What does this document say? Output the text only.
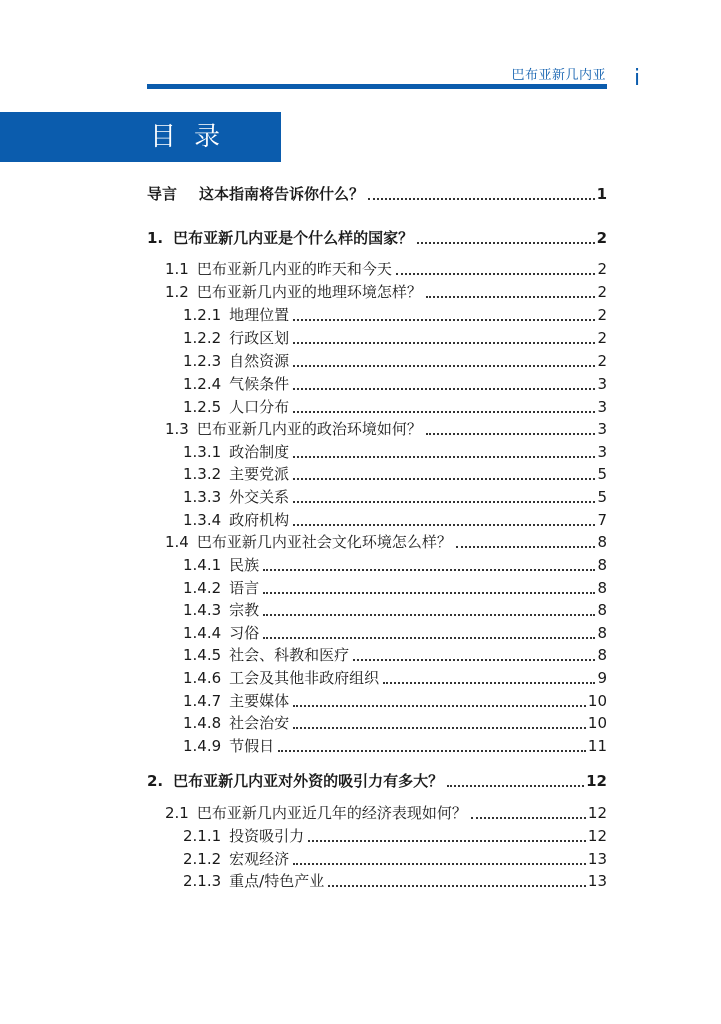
巴布亚新几内亚 i
目录
导言 这本指南将告诉你什么？	1
1. 巴布亚新几内亚是个什么样的国家？	2
1.1 巴布亚新几内亚的昨天和今天	2
1.2 巴布亚新几内亚的地理环境怎样？	2
1.2.1 地理位置	2
1.2.2 行政区划	2
1.2.3 自然资源	2
1.2.4 气候条件	3
1.2.5 人口分布	3
1.3 巴布亚新几内亚的政治环境如何？	3
1.3.1 政治制度	3
1.3.2 主要党派	5
1.3.3 外交关系	5
1.3.4 政府机构	7
1.4 巴布亚新几内亚社会文化环境怎么样？	8
1.4.1 民族	8
1.4.2 语言	8
1.4.3 宗教	8
1.4.4 习俗	8
1.4.5 社会、科教和医疗	8
1.4.6 工会及其他非政府组织	9
1.4.7 主要媒体	10
1.4.8 社会治安	10
1.4.9 节假日	11
2. 巴布亚新几内亚对外资的吸引力有多大？	12
2.1 巴布亚新几内亚近几年的经济表现如何？	12
2.1.1 投资吸引力	12
2.1.2 宏观经济	13
2.1.3 重点/特色产业	13
